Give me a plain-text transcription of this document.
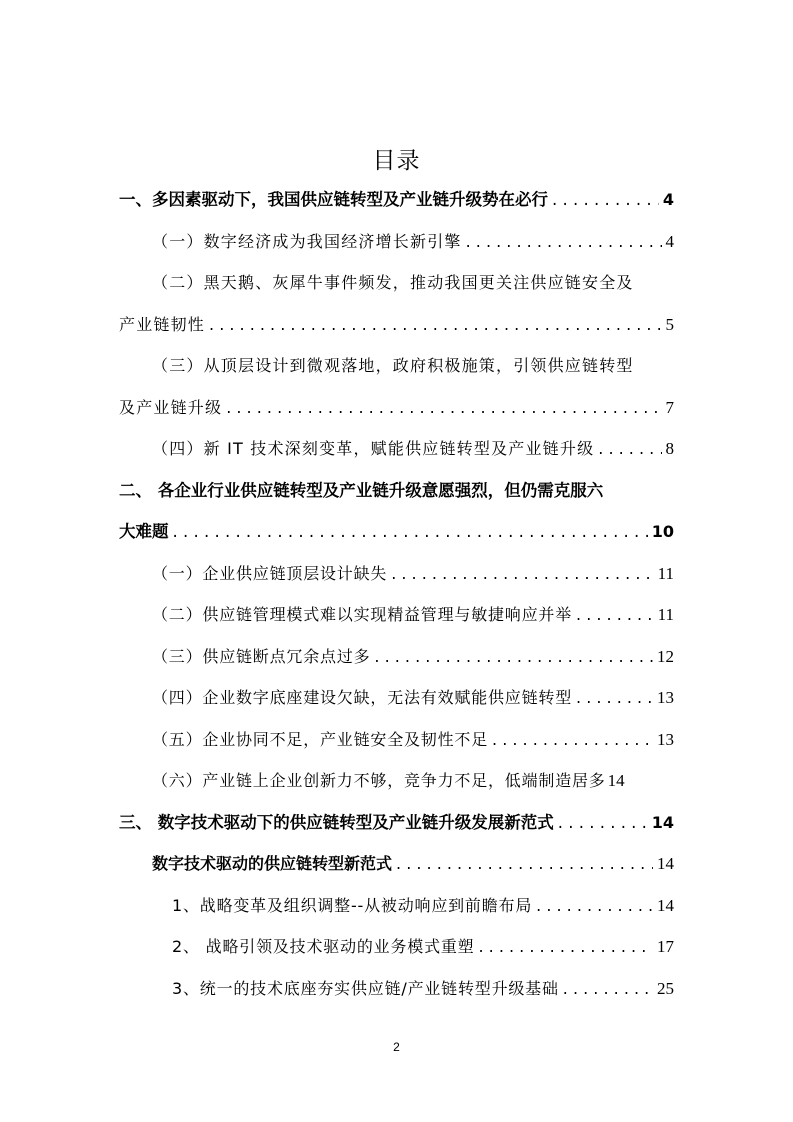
目录
一、多因素驱动下，我国供应链转型及产业链升级势在必行 . . .	4
（一）数字经济成为我国经济增长新引擎 . . .	4
（二）黑天鹅、灰犀牛事件频发，推动我国更关注供应链安全及
产业链韧性 . . .	5
（三）从顶层设计到微观落地，政府积极施策，引领供应链转型
及产业链升级 . . .	7
（四）新 IT 技术深刻变革，赋能供应链转型及产业链升级 . . .	8
二、 各企业行业供应链转型及产业链升级意愿强烈，但仍需克服六
大难题 . . .	10
（一）企业供应链顶层设计缺失 . . .	11
（二）供应链管理模式难以实现精益管理与敏捷响应并举 . . .	11
（三）供应链断点冗余点过多 . . .	12
（四）企业数字底座建设欠缺，无法有效赋能供应链转型 . . .	13
（五）企业协同不足，产业链安全及韧性不足 . . .	13
（六）产业链上企业创新力不够，竞争力不足，低端制造居多 14
三、 数字技术驱动下的供应链转型及产业链升级发展新范式 . . .	14
数字技术驱动的供应链转型新范式 . . .	14
1、战略变革及组织调整--从被动响应到前瞻布局 . . .	14
2、 战略引领及技术驱动的业务模式重塑 . . .	17
3、统一的技术底座夯实供应链/产业链转型升级基础 . . .	25
2
